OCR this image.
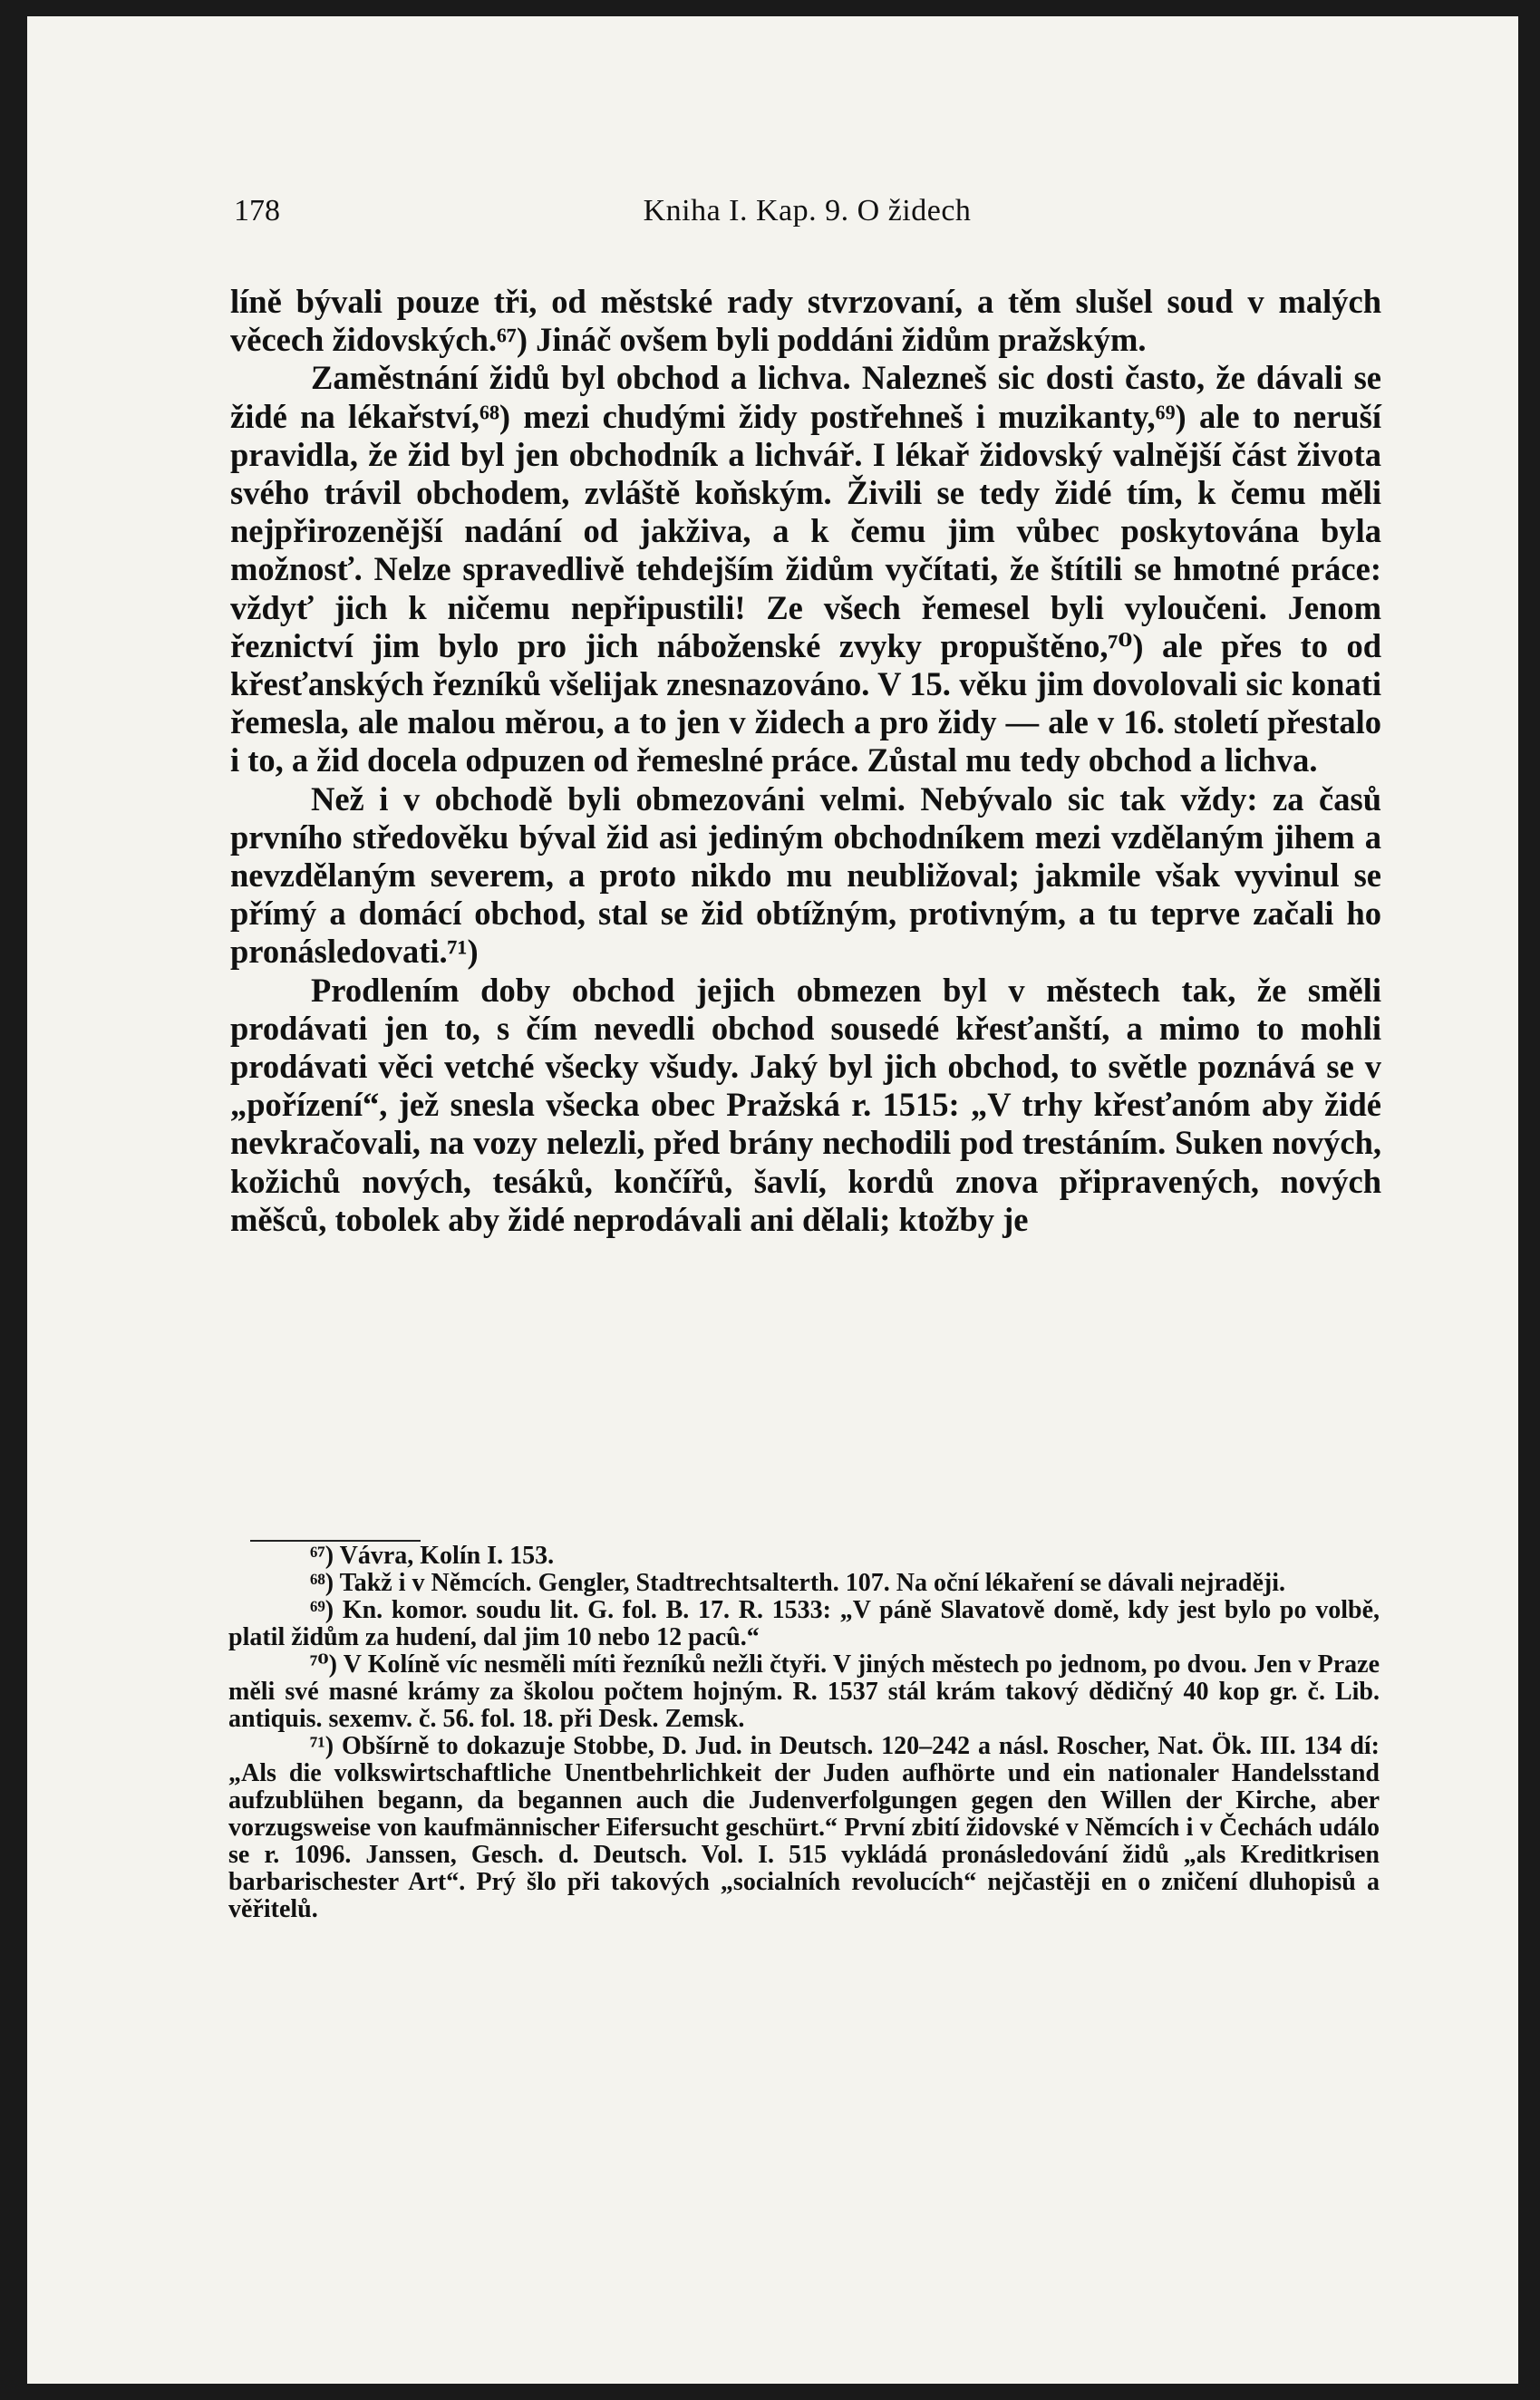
178	Kniha I. Kap. 9. O židech

líně bývali pouze tři, od městské rady stvrzovaní, a těm slušel soud v malých věcech židovských.⁶⁷) Jináč ovšem byli poddáni židům pražským.

Zaměstnání židů byl obchod a lichva. Nalezneš sic dosti často, že dávali se židé na lékařství,⁶⁸) mezi chudými židy postřehneš i muzikanty,⁶⁹) ale to neruší pravidla, že žid byl jen obchodník a lichvář. I lékař židovský valnější část života svého trávil obchodem, zvláště koňským. Živili se tedy židé tím, k čemu měli nejpřirozenější nadání od jakživa, a k čemu jim vůbec poskytována byla možnosť. Nelze spravedlivě tehdejším židům vyčítati, že štítili se hmotné práce: vždyť jich k ničemu nepřipustili! Ze všech řemesel byli vyloučeni. Jenom řeznictví jim bylo pro jich náboženské zvyky propuštěno,⁷⁰) ale přes to od křesťanských řezníků všelijak znesnazováno. V 15. věku jim dovolovali sic konati řemesla, ale malou měrou, a to jen v židech a pro židy — ale v 16. století přestalo i to, a žid docela odpuzen od řemeslné práce. Zůstal mu tedy obchod a lichva.

Než i v obchodě byli obmezováni velmi. Nebývalo sic tak vždy: za časů prvního středověku býval žid asi jediným obchodníkem mezi vzdělaným jihem a nevzdělaným severem, a proto nikdo mu neubližoval; jakmile však vyvinul se přímý a domácí obchod, stal se žid obtížným, protivným, a tu teprve začali ho pronásledovati.⁷¹)

Prodlením doby obchod jejich obmezen byl v městech tak, že směli prodávati jen to, s čím nevedli obchod sousedé křesťanští, a mimo to mohli prodávati věci vetché všecky všudy. Jaký byl jich obchod, to světle poznává se v „pořízení“, jež snesla všecka obec Pražská r. 1515: „V trhy křesťanóm aby židé nevkračovali, na vozy nelezli, před brány nechodili pod trestáním. Suken nových, kožichů nových, tesáků, končířů, šavlí, kordů znova připravených, nových měšců, tobolek aby židé neprodávali ani dělali; ktožby je

⁶⁷) Vávra, Kolín I. 153.

⁶⁸) Takž i v Němcích. Gengler, Stadtrechtsalterth. 107. Na oční lékaření se dávali nejraději.

⁶⁹) Kn. komor. soudu lit. G. fol. B. 17. R. 1533: „V páně Slavatově domě, kdy jest bylo po volbě, platil židům za hudení, dal jim 10 nebo 12 pacû.“

⁷⁰) V Kolíně víc nesměli míti řezníků nežli čtyři. V jiných městech po jednom, po dvou. Jen v Praze měli své masné krámy za školou počtem hojným. R. 1537 stál krám takový dědičný 40 kop gr. č. Lib. antiquis. sexemv. č. 56. fol. 18. při Desk. Zemsk.

⁷¹) Obšírně to dokazuje Stobbe, D. Jud. in Deutsch. 120–242 a násl. Roscher, Nat. Ök. III. 134 dí: „Als die volkswirtschaftliche Unentbehrlichkeit der Juden aufhörte und ein nationaler Handelsstand aufzublühen begann, da begannen auch die Judenverfolgungen gegen den Willen der Kirche, aber vorzugsweise von kaufmännischer Eifersucht geschürt.“ První zbití židovské v Němcích i v Čechách událo se r. 1096. Janssen, Gesch. d. Deutsch. Vol. I. 515 vykládá pronásledování židů „als Kreditkrisen barbarischester Art“. Prý šlo při takových „socialních revolucích“ nejčastěji en o zničení dluhopisů a věřitelů.
